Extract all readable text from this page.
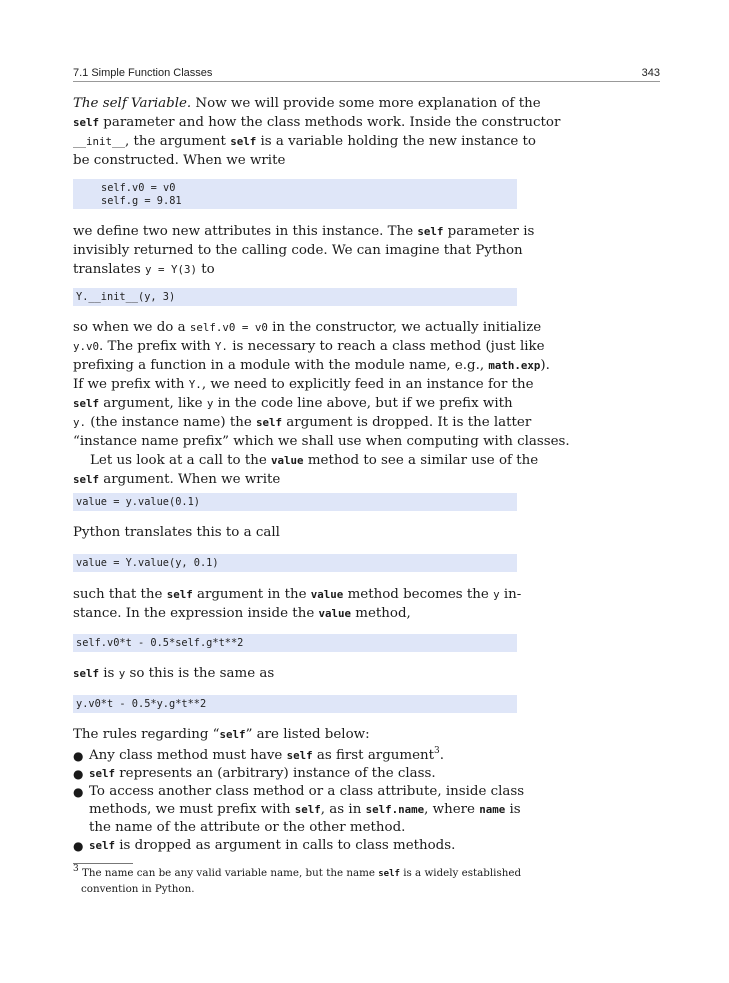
7.1 Simple Function Classes	343
The self Variable. Now we will provide some more explanation of the
self parameter and how the class methods work. Inside the constructor
__init__, the argument self is a variable holding the new instance to
be constructed. When we write
self.v0 = v0
self.g = 9.81
we define two new attributes in this instance. The self parameter is
invisibly returned to the calling code. We can imagine that Python
translates y = Y(3) to
Y.__init__(y, 3)
so when we do a self.v0 = v0 in the constructor, we actually initialize
y.v0. The prefix with Y. is necessary to reach a class method (just like
prefixing a function in a module with the module name, e.g., math.exp).
If we prefix with Y., we need to explicitly feed in an instance for the
self argument, like y in the code line above, but if we prefix with
y. (the instance name) the self argument is dropped. It is the latter
“instance name prefix” which we shall use when computing with classes.
Let us look at a call to the value method to see a similar use of the
self argument. When we write
value = y.value(0.1)
Python translates this to a call
value = Y.value(y, 0.1)
such that the self argument in the value method becomes the y in-
stance. In the expression inside the value method,
self.v0*t - 0.5*self.g*t**2
self is y so this is the same as
y.v0*t - 0.5*y.g*t**2
The rules regarding “self” are listed below:
● Any class method must have self as first argument$^3$.
● self represents an (arbitrary) instance of the class.
● To access another class method or a class attribute, inside class
methods, we must prefix with self, as in self.name, where name is
the name of the attribute or the other method.
● self is dropped as argument in calls to class methods.
$^3$ The name can be any valid variable name, but the name self is a widely established
convention in Python.
